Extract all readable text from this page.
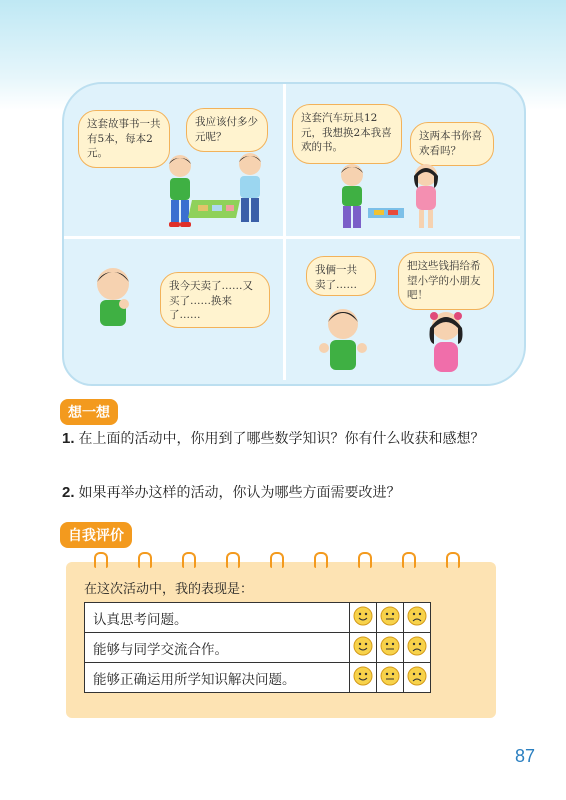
这套故事书一共有5本，每本2元。
我应该付多少元呢？
这套汽车玩具12元，我想换2本我喜欢的书。
这两本书你喜欢看吗？
我今天卖了……又买了……换来了……
我俩一共卖了……
把这些钱捐给希望小学的小朋友吧！
想一想
1. 在上面的活动中，你用到了哪些数学知识？你有什么收获和感想？
2. 如果再举办这样的活动，你认为哪些方面需要改进？
自我评价
在这次活动中，我的表现是：
认真思考问题。			
能够与同学交流合作。			
能够正确运用所学知识解决问题。			
87
